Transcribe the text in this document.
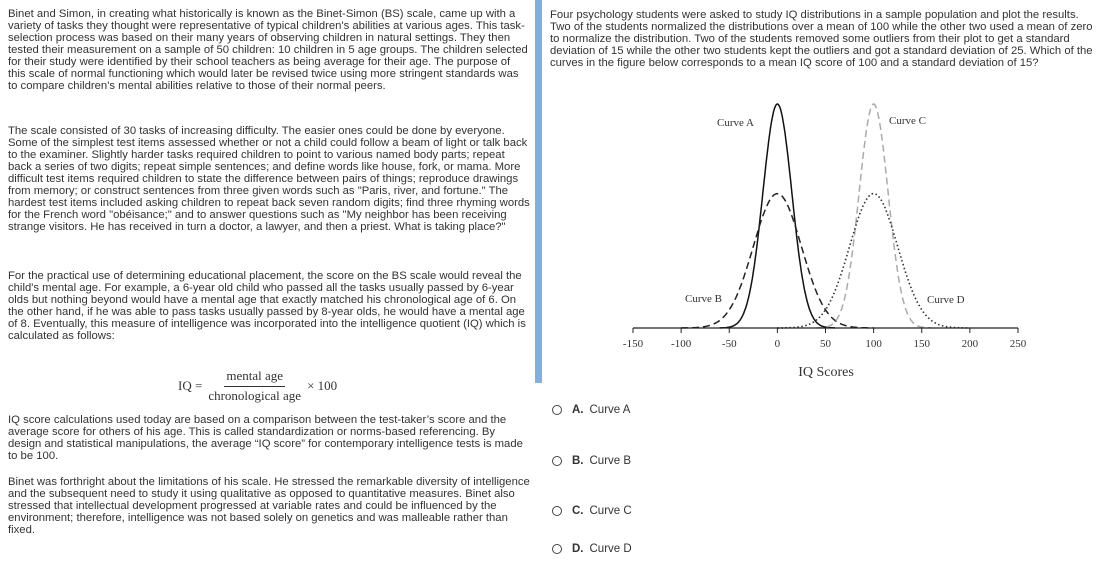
Binet and Simon, in creating what historically is known as the Binet-Simon (BS) scale, came up with a variety of tasks they thought were representative of typical children's abilities at various ages. This task-selection process was based on their many years of observing children in natural settings. They then tested their measurement on a sample of 50 children: 10 children in 5 age groups. The children selected for their study were identified by their school teachers as being average for their age. The purpose of this scale of normal functioning which would later be revised twice using more stringent standards was to compare children's mental abilities relative to those of their normal peers.

The scale consisted of 30 tasks of increasing difficulty. The easier ones could be done by everyone. Some of the simplest test items assessed whether or not a child could follow a beam of light or talk back to the examiner. Slightly harder tasks required children to point to various named body parts; repeat back a series of two digits; repeat simple sentences; and define words like house, fork, or mama. More difficult test items required children to state the difference between pairs of things; reproduce drawings from memory; or construct sentences from three given words such as "Paris, river, and fortune." The hardest test items included asking children to repeat back seven random digits; find three rhyming words for the French word "obéisance;" and to answer questions such as "My neighbor has been receiving strange visitors. He has received in turn a doctor, a lawyer, and then a priest. What is taking place?"

For the practical use of determining educational placement, the score on the BS scale would reveal the child's mental age. For example, a 6-year old child who passed all the tasks usually passed by 6-year olds but nothing beyond would have a mental age that exactly matched his chronological age of 6. On the other hand, if he was able to pass tasks usually passed by 8-year olds, he would have a mental age of 8. Eventually, this measure of intelligence was incorporated into the intelligence quotient (IQ) which is calculated as follows:

IQ = $\frac{\text{mental age}}{\text{chronological age}} \times 100$

IQ score calculations used today are based on a comparison between the test-taker’s score and the average score for others of his age. This is called standardization or norms-based referencing. By design and statistical manipulations, the average “IQ score” for contemporary intelligence tests is made to be 100.

Binet was forthright about the limitations of his scale. He stressed the remarkable diversity of intelligence and the subsequent need to study it using qualitative as opposed to quantitative measures. Binet also stressed that intellectual development progressed at variable rates and could be influenced by the environment; therefore, intelligence was not based solely on genetics and was malleable rather than fixed.

Four psychology students were asked to study IQ distributions in a sample population and plot the results. Two of the students normalized the distributions over a mean of 100 while the other two used a mean of zero to normalize the distribution. Two of the students removed some outliers from their plot to get a standard deviation of 15 while the other two students kept the outliers and got a standard deviation of 25. Which of the curves in the figure below corresponds to a mean IQ score of 100 and a standard deviation of 15?

-150	-100	-50	0	50	100	150	200	250
Curve A
Curve B
Curve C
Curve D
IQ Scores
A. Curve A
B. Curve B
C. Curve C
D. Curve D
